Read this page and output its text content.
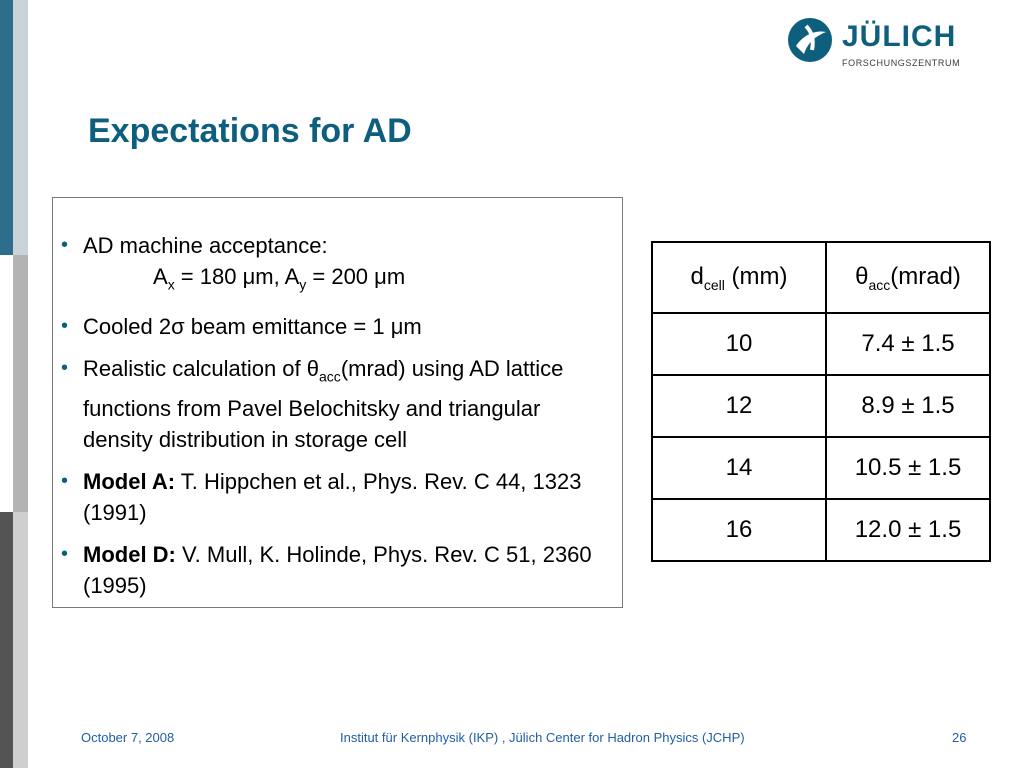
JÜLICH
FORSCHUNGSZENTRUM
Expectations for AD
• AD machine acceptance:
$A_x = 180$ μm, $A_y = 200$ μm
• Cooled 2σ beam emittance = 1 μm
• Realistic calculation of $\theta_{acc}(mrad)$ using AD lattice functions from Pavel Belochitsky and triangular density distribution in storage cell
• Model A: T. Hippchen et al., Phys. Rev. C 44, 1323 (1991)
• Model D: V. Mull, K. Holinde, Phys. Rev. C 51, 2360 (1995)
$d_{cell}$ (mm)	$\theta_{acc}(mrad)$
10	7.4 ± 1.5
12	8.9 ± 1.5
14	10.5 ± 1.5
16	12.0 ± 1.5
October 7, 2008	Institut für Kernphysik (IKP) , Jülich Center for Hadron Physics (JCHP)	26
